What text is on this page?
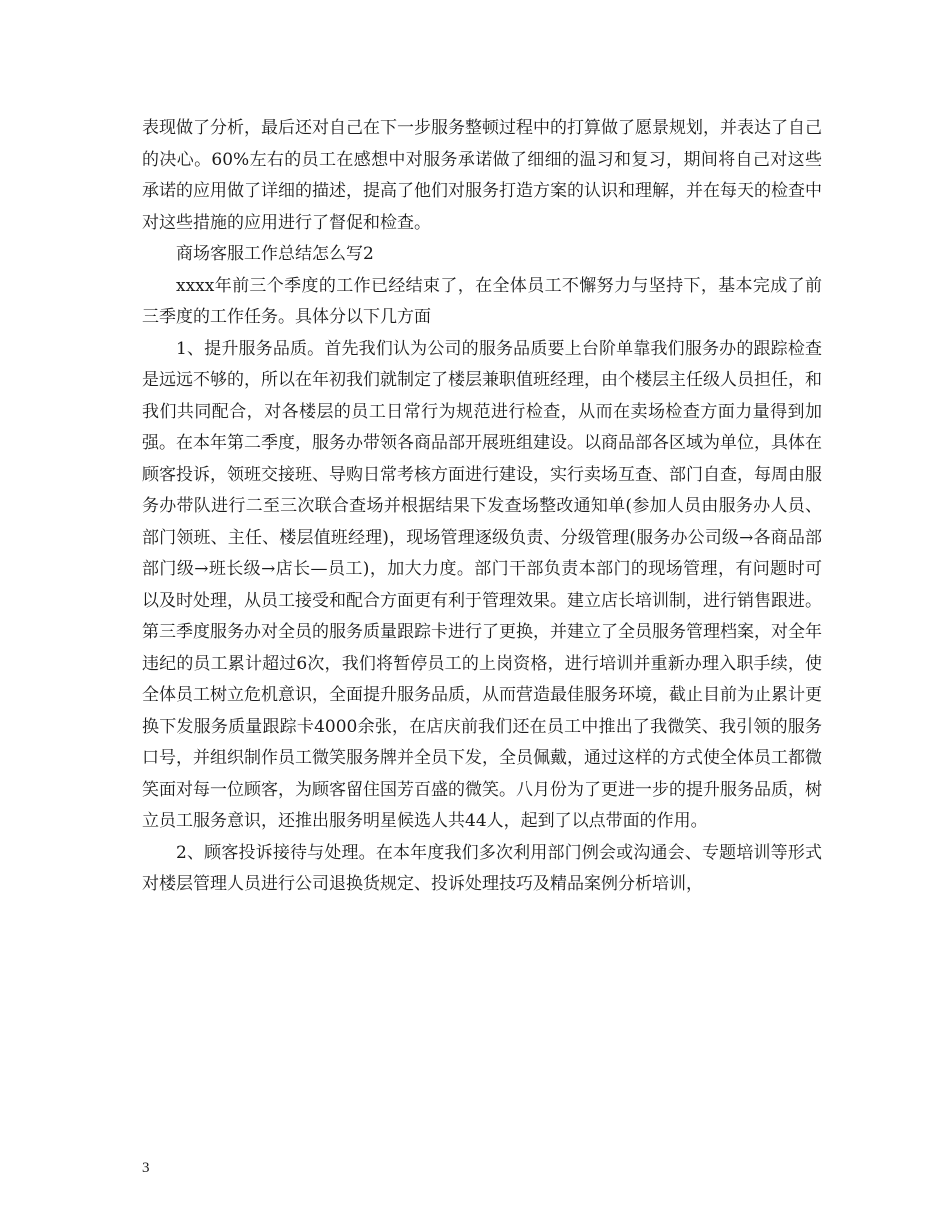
表现做了分析，最后还对自己在下一步服务整顿过程中的打算做了愿景规划，并表达了自己的决心。60%左右的员工在感想中对服务承诺做了细细的温习和复习，期间将自己对这些承诺的应用做了详细的描述，提高了他们对服务打造方案的认识和理解，并在每天的检查中对这些措施的应用进行了督促和检查。

商场客服工作总结怎么写2

xxxx年前三个季度的工作已经结束了，在全体员工不懈努力与坚持下，基本完成了前三季度的工作任务。具体分以下几方面

1、提升服务品质。首先我们认为公司的服务品质要上台阶单靠我们服务办的跟踪检查是远远不够的，所以在年初我们就制定了楼层兼职值班经理，由个楼层主任级人员担任，和我们共同配合，对各楼层的员工日常行为规范进行检查，从而在卖场检查方面力量得到加强。在本年第二季度，服务办带领各商品部开展班组建设。以商品部各区域为单位，具体在顾客投诉，领班交接班、导购日常考核方面进行建设，实行卖场互查、部门自查，每周由服务办带队进行二至三次联合查场并根据结果下发查场整改通知单(参加人员由服务办人员、部门领班、主任、楼层值班经理)，现场管理逐级负责、分级管理(服务办公司级→各商品部部门级→班长级→店长—员工)，加大力度。部门干部负责本部门的现场管理，有问题时可以及时处理，从员工接受和配合方面更有利于管理效果。建立店长培训制，进行销售跟进。第三季度服务办对全员的服务质量跟踪卡进行了更换，并建立了全员服务管理档案，对全年违纪的员工累计超过6次，我们将暂停员工的上岗资格，进行培训并重新办理入职手续，使全体员工树立危机意识，全面提升服务品质，从而营造最佳服务环境，截止目前为止累计更换下发服务质量跟踪卡4000余张，在店庆前我们还在员工中推出了我微笑、我引领的服务口号，并组织制作员工微笑服务牌并全员下发，全员佩戴，通过这样的方式使全体员工都微笑面对每一位顾客，为顾客留住国芳百盛的微笑。八月份为了更进一步的提升服务品质，树立员工服务意识，还推出服务明星候选人共44人，起到了以点带面的作用。

2、顾客投诉接待与处理。在本年度我们多次利用部门例会或沟通会、专题培训等形式对楼层管理人员进行公司退换货规定、投诉处理技巧及精品案例分析培训，

3
